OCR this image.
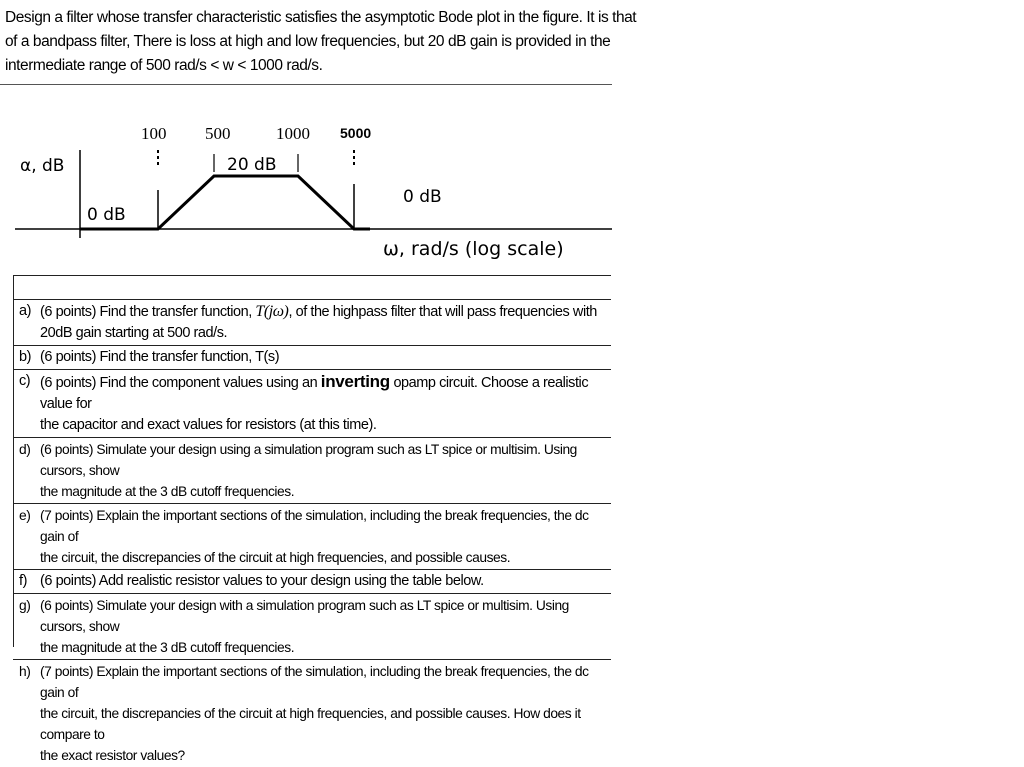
Design a filter whose transfer characteristic satisfies the asymptotic Bode plot in the figure. It is that
of a bandpass filter, There is loss at high and low frequencies, but 20 dB gain is provided in the
intermediate range of 500 rad/s < w < 1000 rad/s.
100 500	1000 5000
α, dB
ω, rad/s (log scale)
0 dB
20 dB
0 dB
a) (6 points) Find the transfer function, T(jω), of the highpass filter that will pass frequencies with
20dB gain starting at 500 rad/s.
b) (6 points) Find the transfer function, T(s)
c) (6 points) Find the component values using an inverting opamp circuit. Choose a realistic value for
the capacitor and exact values for resistors (at this time).
d) (6 points) Simulate your design using a simulation program such as LT spice or multisim. Using cursors, show
the magnitude at the 3 dB cutoff frequencies.
e) (7 points) Explain the important sections of the simulation, including the break frequencies, the dc gain of
the circuit, the discrepancies of the circuit at high frequencies, and possible causes.
f) (6 points) Add realistic resistor values to your design using the table below.
g) (6 points) Simulate your design with a simulation program such as LT spice or multisim. Using cursors, show
the magnitude at the 3 dB cutoff frequencies.
h) (7 points) Explain the important sections of the simulation, including the break frequencies, the dc gain of
the circuit, the discrepancies of the circuit at high frequencies, and possible causes. How does it compare to
the exact resistor values?
